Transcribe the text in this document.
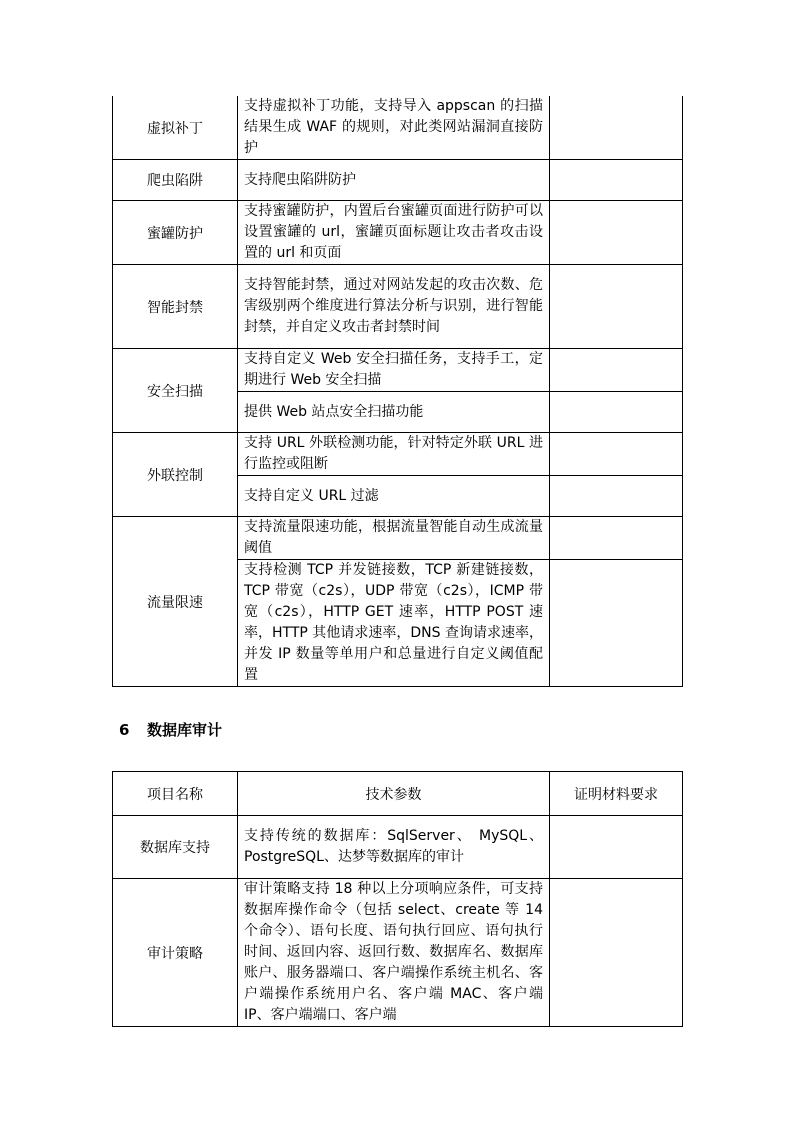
虚拟补丁	支持虚拟补丁功能，支持导入 appscan 的扫描结果生成 WAF 的规则，对此类网站漏洞直接防护	
爬虫陷阱	支持爬虫陷阱防护	
蜜罐防护	支持蜜罐防护，内置后台蜜罐页面进行防护可以设置蜜罐的 url，蜜罐页面标题让攻击者攻击设置的 url 和页面	
智能封禁	支持智能封禁，通过对网站发起的攻击次数、危害级别两个维度进行算法分析与识别，进行智能封禁，并自定义攻击者封禁时间	
安全扫描	支持自定义 Web 安全扫描任务，支持手工，定期进行 Web 安全扫描	
	提供 Web 站点安全扫描功能	
外联控制	支持 URL 外联检测功能，针对特定外联 URL 进行监控或阻断	
	支持自定义 URL 过滤	
流量限速	支持流量限速功能，根据流量智能自动生成流量阈值	
	支持检测 TCP 并发链接数，TCP 新建链接数，TCP 带宽（c2s），UDP 带宽（c2s），ICMP 带宽（c2s），HTTP GET 速率，HTTP POST 速率，HTTP 其他请求速率，DNS 查询请求速率，并发 IP 数量等单用户和总量进行自定义阈值配置	
6 数据库审计
项目名称	技术参数	证明材料要求
数据库支持	支持传统的数据库：SqlServer、 MySQL、PostgreSQL、达梦等数据库的审计	
审计策略	审计策略支持 18 种以上分项响应条件，可支持数据库操作命令（包括 select、create 等 14 个命令）、语句长度、语句执行回应、语句执行时间、返回内容、返回行数、数据库名、数据库账户、服务器端口、客户端操作系统主机名、客户端操作系统用户名、客户端 MAC、客户端 IP、客户端端口、客户端	
